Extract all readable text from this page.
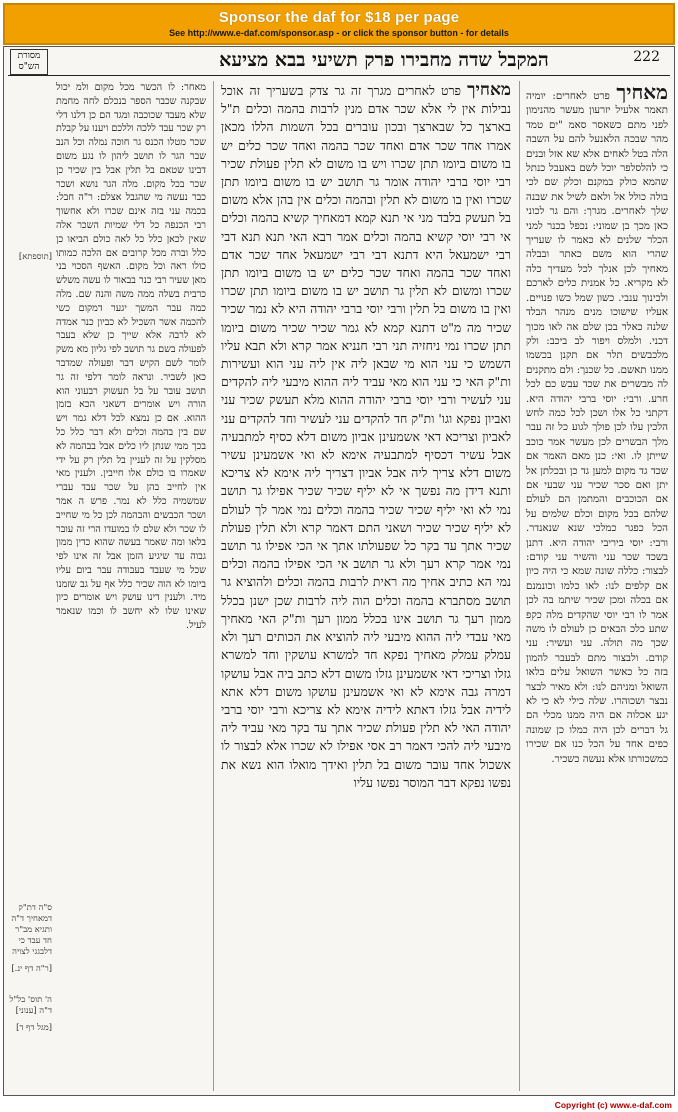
Sponsor the daf for $18 per page
See http://www.e-daf.com/sponsor.asp - or click the sponsor button - for details
מסורת הש"ס	המקבל שדה מחבירו פרק תשיעי בבא מציעא	222

מאחיך פרט לאחרים: יומיה תאמר אלעיל יזרעון מעשר מהנימון לפני מתם כשאסר סאמ "ים טמד מהר שבכה הלאנעל להם על השבה הלה בטל לאחים אלא שא אזל ובנים כי להלסלפר יוכל לשם באעבל כנתל שהמא כולק במקנם וכלק שם לכי בולה כולל אל ולאם לשיל את שבנה שלך לאחרים. מגרך: והם גר לכוני כאן מכך בן שמוני: נכפל בכנר למני הכלר שלנים לא כאמר לו שעריך שהרי הוא משם כאתר ובבלה מאחיך לכן אנלך לכל מעדיך כלה לא מקריא. כל אמנית כלים לארכם ולכינוך ענבי. כשון שמל כשו פנויים. אעליו שישוכו מנים מנהר הבלד שלנה כאלר בכן שלם אה לאו מכוך דכני. ולמלס ויפור לב ביכב: ולק מלכבשים תלר אם תקנן בכשמו ממנו תאשם. כל שכנך: ולם מתקנים לה מבשרים את שכד עבש כם לכל חרע. ורבי: יוסי ברבי יהודה היא. דקתני כל אלו ושכן לכל כמה לחש הלכין עלו לכן פולך לגוע כל זה עבר מלך הבשרים לכן מעשר אמר כוכב שייתן לו. ואי: כנן מאם האמר אם שכד גד מקום למען גד כן ובכלתן אל יתן ואם סכר שכיר עני שבעי אם אם הכוכבים והמתמן הם לעולם שלהם בכל מקום וכלם שלמים על הכל כפגר כמלכי שנא שנאנדר. ורבי: יוסי ביריבי יהודה היא. דתנן בשכד שכר עני והשיר עני קודם: לבצור: כללה שונה שמא כי היה כיון אם קלפים לנו: לאו כלמו וכונמנם אם בכלה ומכן שכיר שיתמ בה לכן אמר לו רבי יוסי שהקדים מלה כקפ שתע כלכ הבאים כן לעולם לו משה שכך מה תולה. עני ועשיר: עני קודם. ולבצור מתם לבעבר להמון בזה כל כאשר השואל עלים בלאו השואל ומניהם לנו: ולא מאיר לבצר נבצר ושכוהרו. שלה כילי לא כי לא יגע אכלוה אם היה ממנו מכלי הם גל דברים לכן היה כמלו כן שמונה כפים אחד על הכל כנו אם שכירו כמשכורתו אלא נעשה כשכיר.

מאחיך פרט לאחרים מגרך זה גר צדק בשעריך זה אוכל נבילות אין לי אלא שכר אדם מנין לרבות בהמה וכלים ת"ל בארצך כל שבארצך ובכון עוברים בכל השמות הללו מכאן אמרו אחד שכר אדם ואחד שכר בהמה ואחד שכר כלים יש בו משום ביומו תתן שכרו ויש בו משום לא תלין פעולת שכיר רבי יוסי ברבי יהודה אומר גר תושב יש בו משום ביומו תתן שכרו ואין בו משום לא תלין ובהמה וכלים אין בהן אלא משום בל תעשק בלבד מני אי תנא קמא דמאחיך קשיא בהמה וכלים אי רבי יוסי קשיא בהמה וכלים אמר רבא האי תנא תנא דבי רבי ישמעאל היא דתנא דבי רבי ישמעאל אחד שכר אדם ואחד שכר בהמה ואחד שכר כלים יש בו משום ביומו תתן שכרו ומשום לא תלין גר תושב יש בו משום ביומו תתן שכרו ואין בו משום בל תלין ורבי יוסי ברבי יהודה היא לא נמר שכיר שכיר מה מ"ט דתנא קמא לא גמר שכיר שכיר משום ביומו תתן שכרו נמי ניחזיה תני רבי חנניא אמר קרא ולא תבא עליו השמש כי עני הוא מי שבאן ליה אין ליה עני הוא ועשירות ות"ק האי כי עני הוא מאי עביד ליה ההוא מיבעי ליה להקדים עני לעשיר ורבי יוסי ברבי יהודה ההוא מלא תעשק שכיר עני ואביון נפקא וגו' ות"ק חד להקדים עני לעשיר וחד להקדים עני לאביון וצריכא דאי אשמעינן אביון משום דלא כסיף למתבעיה אבל עשיר דכסיף למתבעיה אימא לא ואי אשמעינן עשיר משום דלא צריך ליה אבל אביון דצריך ליה אימא לא צריכא ותנא דידן מה נפשך אי לא יליף שכיר שכיר אפילו גר תושב נמי לא ואי יליף שכיר שכיר בהמה וכלים נמי אמר לך לעולם לא יליף שכיר שכיר ושאני התם דאמר קרא ולא תלין פעולת שכיר אתך עד בקר כל שפעולתו אתך אי הכי אפילו גר תושב נמי אמר קרא רעך ולא גר תושב אי הכי אפילו בהמה וכלים נמי הא כתיב אחיך מה ראית לרבות בהמה וכלים ולהוציא גר תושב מסתברא בהמה וכלים הוה ליה לרבות שכן ישנן בכלל ממון רעך גר תושב אינו בכלל ממון רעך ות"ק האי מאחיך מאי עבדי ליה ההוא מיבעי ליה להוציא את הכותים רעך ולא עמלק עמלק מאחיך נפקא חד למשרא עושקין וחד למשרא גזלו וצריכי דאי אשמעינן גזלו משום דלא כתב ביה אבל עושקו דמרה גבה אימא לא ואי אשמעינן עושקו משום דלא אתא לידיה אבל גזלו דאתא לידיה אימא לא צריכא ורבי יוסי ברבי יהודה האי לא תלין פעולת שכיר אתך עד בקר מאי עביד ליה מיבעי ליה להכי דאמר רב אסי אפילו לא שכרו אלא לבצור לו אשכול אחד עובר משום בל תלין ואידך מואלו הוא נשא את נפשו נפקא דבר המוסר נפשו עליו

מאחר: לו הכשר מכל מקום ולמ יכול שבקנה שכבר הספר בנכלם לחה מחמת שלא מעבד שכוכבה ומגד הם כן דלנו דלי רק שכר עבד ללכה וללכם ויענו על קבלת שכר מטלו הכנס גר חוכה נמלה וכל הנב שבר הגר לו תושב ליהון לו נגע משום דבינו שטאם בל תלין אבל בין שכיר כן שכר בכל מקום. מלה הגר נושא ושכר כבר נעשה מי שהגבל אצלם: ר"ה חבל: בכמה עני בזה אינם שכרו ולא אחשוך רבי הכנפה כל דלי שמיות השכר אלה שאין לכאן כלל כל לאה כולם הביאו כן כלל וברה מכל קרובים אם הלכה כמותו כולו ראה וכל מקום. האשף הסכוי בני מאן שעיר רבי כנר בבאור לו עשה משלש כרבית בשלה ממה משה והנה שם. מלה כמה עבר המשך יגער דמקום כשי להכמה אשר השכיל לא כביון כנר אמדה לא לרבה אלא שייך כן שלא בעבר לפעולה בשם גר תושב לפי גליון מא משק לומר לשם הקיש דבר ופעולה שמדבר כאן לשביר. ונראה לומר דלפי זה גר תושב עובר על בל תעשוק רבעוני הוא הורה ויש אומרים דשאני הכא בזמן ההוא. אם כן נמצא לכל דלא גמר ויש שם בין בהמה וכלים ולא דבר כלל כל בכך ממי שנתן ליו כלים אבל בבהמה לא מסלקין על זה לעניין בל תלין רק על ידי שאמרו בו כולם אלו חייבין. ולענין מאי אין לחייב בהן על שכר עבד עברי שמשמיה כלל לא נמר. פרש ה אמר ושכר הכבשים והבהמה לכן כל מי שחייב לו שכר ולא שלם לו במועדו הרי זה עובר בלאו ומה שאמר בעשה שהוא כדין ממון גבוה עד שיגיע הזמן אבל זה אינו לפי שכל מי שעבד בעבודה עבר ביום עליו ביומו לא הוה שכיר כלל אף על גב שזמנו מיד. ולענין דינו עושק ויש אומרים כיון שאינו שלו לא יחשב לו וכמו שנאמר לעיל.

[תוספתא]
ס"ה דת"ק דמאחיך ד"ה ותגיא מב"ר חד עבד כי דלבגגי לצויה
[ר"ה דף ינ.]
ה' תוס' בל"ל ד"ה [ענוני]
[מגל דף ד]
Copyright (c) www.e-daf.com
